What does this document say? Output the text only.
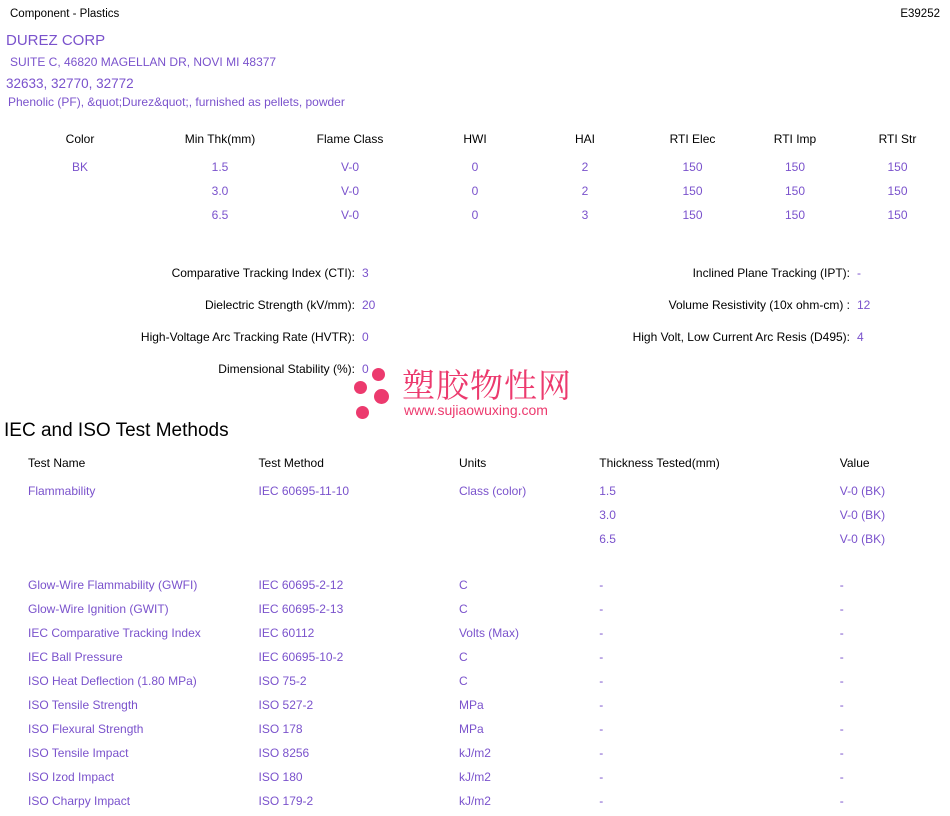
Component - Plastics	E39252
DUREZ CORP
SUITE C, 46820 MAGELLAN DR, NOVI MI 48377
32633, 32770, 32772
Phenolic (PF), &quot;Durez&quot;, furnished as pellets, powder
Color	Min Thk(mm)	Flame Class	HWI	HAI	RTI Elec	RTI Imp	RTI Str
BK	1.5	V-0	0	2	150	150	150
	3.0	V-0	0	2	150	150	150
	6.5	V-0	0	3	150	150	150
Comparative Tracking Index (CTI): 3	Inclined Plane Tracking (IPT): -
Dielectric Strength (kV/mm): 20	Volume Resistivity (10x ohm-cm) : 12
High-Voltage Arc Tracking Rate (HVTR): 0	High Volt, Low Current Arc Resis (D495): 4
Dimensional Stability (%): 0 塑胶物性网
www.sujiaowuxing.com
IEC and ISO Test Methods
Test Name	Test Method	Units	Thickness Tested(mm)	Value
Flammability	IEC 60695-11-10	Class (color)	1.5	V-0 (BK)
			3.0	V-0 (BK)
			6.5	V-0 (BK)

Glow-Wire Flammability (GWFI)	IEC 60695-2-12	C	-	-
Glow-Wire Ignition (GWIT)	IEC 60695-2-13	C	-	-
IEC Comparative Tracking Index	IEC 60112	Volts (Max)	-	-
IEC Ball Pressure	IEC 60695-10-2	C	-	-
ISO Heat Deflection (1.80 MPa)	ISO 75-2	C	-	-
ISO Tensile Strength	ISO 527-2	MPa	-	-
ISO Flexural Strength	ISO 178	MPa	-	-
ISO Tensile Impact	ISO 8256	kJ/m2	-	-
ISO Izod Impact	ISO 180	kJ/m2	-	-
ISO Charpy Impact	ISO 179-2	kJ/m2	-	-
